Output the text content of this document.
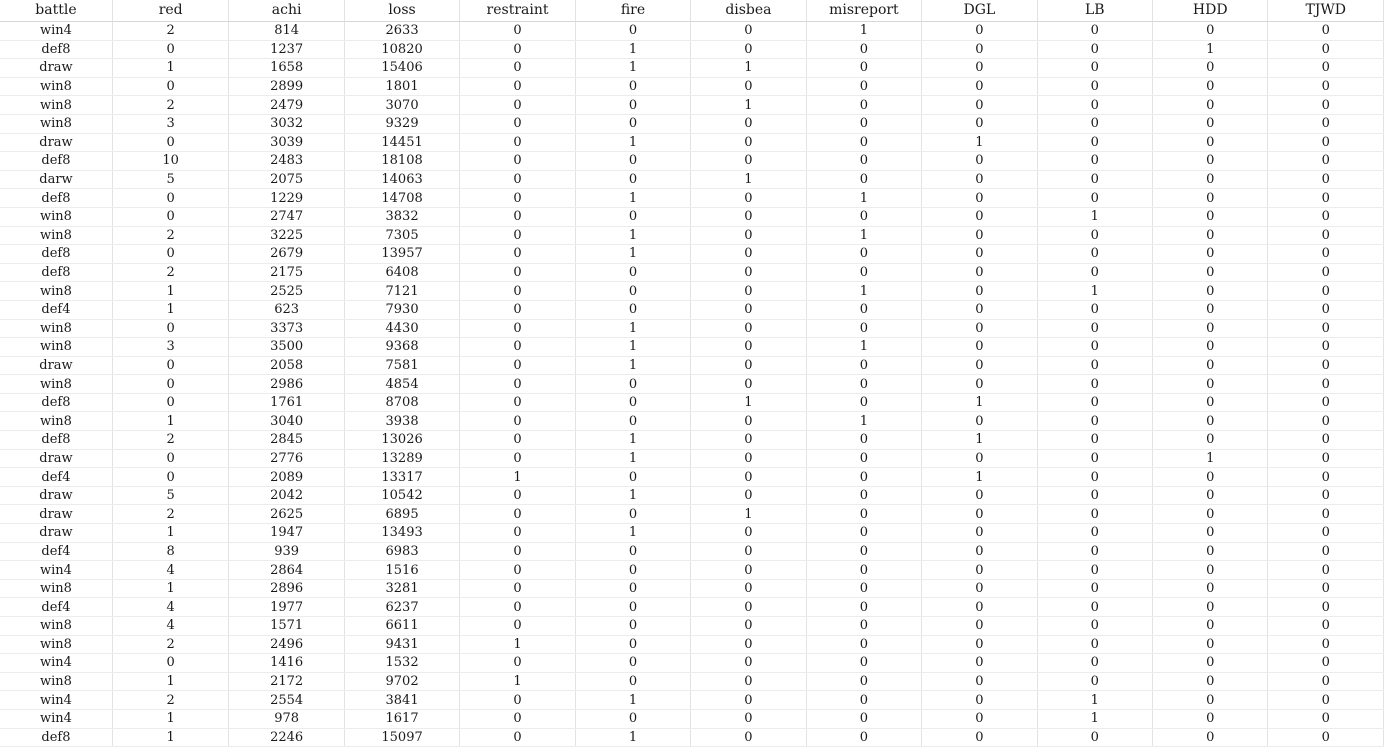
battle	red	achi	loss	restraint	fire	disbea	misreport	DGL	LB	HDD	TJWD
win4	2	814	2633	0	0	0	1	0	0	0	0
def8	0	1237	10820	0	1	0	0	0	0	1	0
draw	1	1658	15406	0	1	1	0	0	0	0	0
win8	0	2899	1801	0	0	0	0	0	0	0	0
win8	2	2479	3070	0	0	1	0	0	0	0	0
win8	3	3032	9329	0	0	0	0	0	0	0	0
draw	0	3039	14451	0	1	0	0	1	0	0	0
def8	10	2483	18108	0	0	0	0	0	0	0	0
darw	5	2075	14063	0	0	1	0	0	0	0	0
def8	0	1229	14708	0	1	0	1	0	0	0	0
win8	0	2747	3832	0	0	0	0	0	1	0	0
win8	2	3225	7305	0	1	0	1	0	0	0	0
def8	0	2679	13957	0	1	0	0	0	0	0	0
def8	2	2175	6408	0	0	0	0	0	0	0	0
win8	1	2525	7121	0	0	0	1	0	1	0	0
def4	1	623	7930	0	0	0	0	0	0	0	0
win8	0	3373	4430	0	1	0	0	0	0	0	0
win8	3	3500	9368	0	1	0	1	0	0	0	0
draw	0	2058	7581	0	1	0	0	0	0	0	0
win8	0	2986	4854	0	0	0	0	0	0	0	0
def8	0	1761	8708	0	0	1	0	1	0	0	0
win8	1	3040	3938	0	0	0	1	0	0	0	0
def8	2	2845	13026	0	1	0	0	1	0	0	0
draw	0	2776	13289	0	1	0	0	0	0	1	0
def4	0	2089	13317	1	0	0	0	1	0	0	0
draw	5	2042	10542	0	1	0	0	0	0	0	0
draw	2	2625	6895	0	0	1	0	0	0	0	0
draw	1	1947	13493	0	1	0	0	0	0	0	0
def4	8	939	6983	0	0	0	0	0	0	0	0
win4	4	2864	1516	0	0	0	0	0	0	0	0
win8	1	2896	3281	0	0	0	0	0	0	0	0
def4	4	1977	6237	0	0	0	0	0	0	0	0
win8	4	1571	6611	0	0	0	0	0	0	0	0
win8	2	2496	9431	1	0	0	0	0	0	0	0
win4	0	1416	1532	0	0	0	0	0	0	0	0
win8	1	2172	9702	1	0	0	0	0	0	0	0
win4	2	2554	3841	0	1	0	0	0	1	0	0
win4	1	978	1617	0	0	0	0	0	1	0	0
def8	1	2246	15097	0	1	0	0	0	0	0	0
